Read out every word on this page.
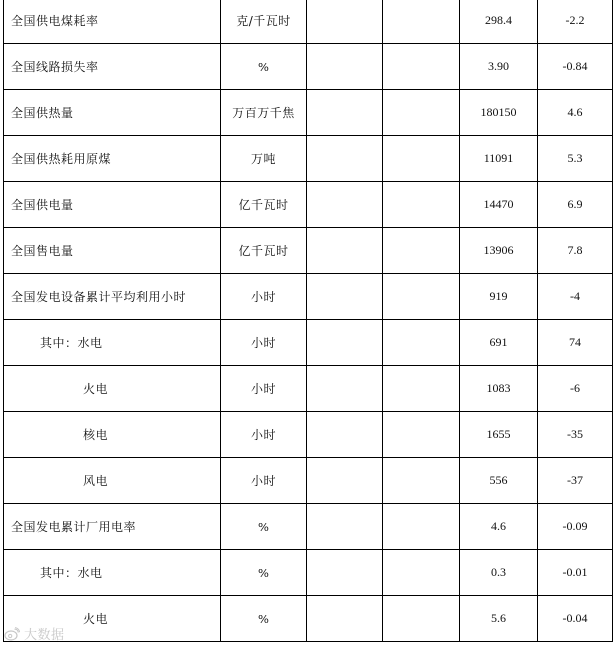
全国供电煤耗率	克/千瓦时			298.4	-2.2
全国线路损失率	%			3.90	-0.84
全国供热量	万百万千焦			180150	4.6
全国供热耗用原煤	万吨			11091	5.3
全国供电量	亿千瓦时			14470	6.9
全国售电量	亿千瓦时			13906	7.8
全国发电设备累计平均利用小时	小时			919	-4
其中：水电	小时			691	74
火电	小时			1083	-6
核电	小时			1655	-35
风电	小时			556	-37
全国发电累计厂用电率	%			4.6	-0.09
其中：水电	%			0.3	-0.01
火电	%			5.6	-0.04
大数据
